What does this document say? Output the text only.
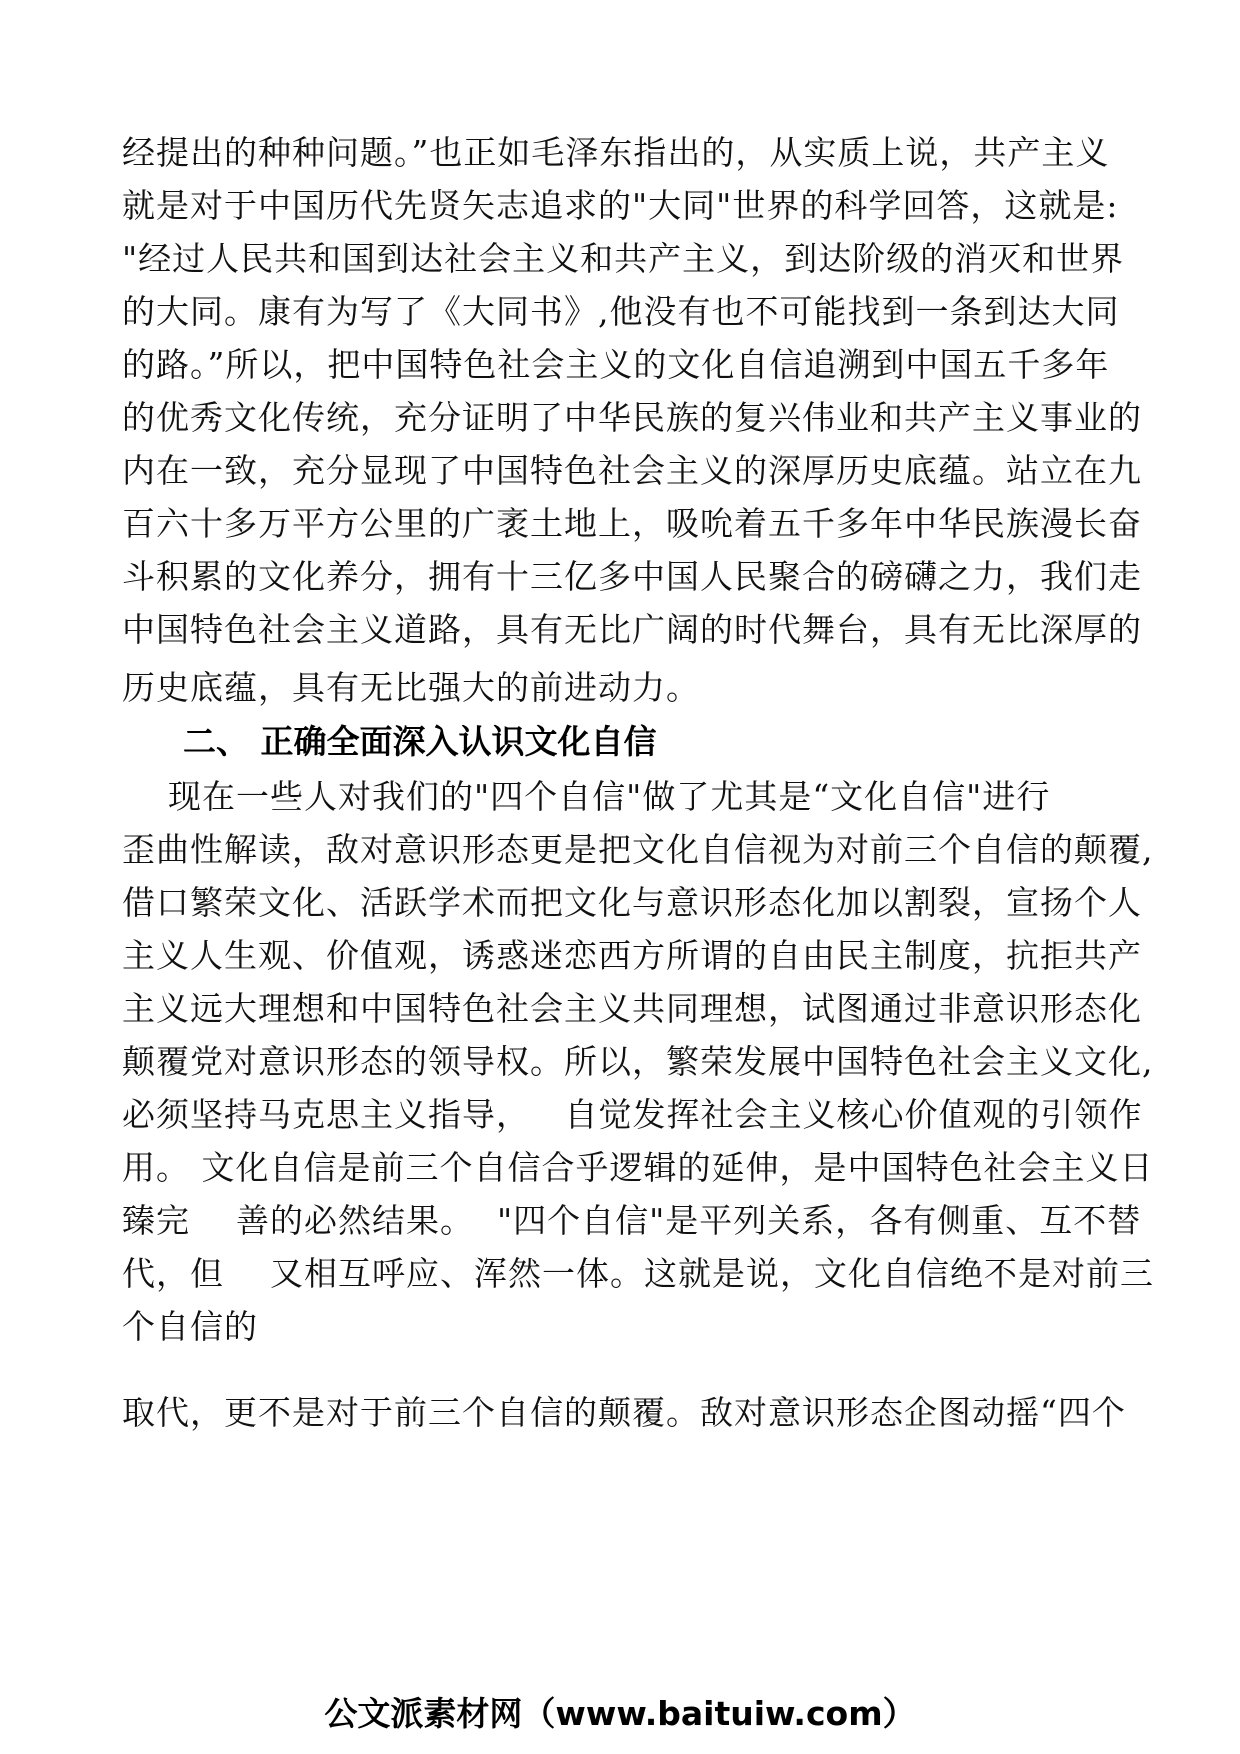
经提出的种种问题。”也正如毛泽东指出的，从实质上说，共产主义
就是对于中国历代先贤矢志追求的"大同"世界的科学回答，这就是:
"经过人民共和国到达社会主义和共产主义，到达阶级的消灭和世界
的大同。康有为写了《大同书》,他没有也不可能找到一条到达大同
的路。”所以，把中国特色社会主义的文化自信追溯到中国五千多年
的优秀文化传统，充分证明了中华民族的复兴伟业和共产主义事业的
内在一致，充分显现了中国特色社会主义的深厚历史底蕴。站立在九
百六十多万平方公里的广袤土地上，吸吮着五千多年中华民族漫长奋
斗积累的文化养分，拥有十三亿多中国人民聚合的磅礴之力，我们走
中国特色社会主义道路，具有无比广阔的时代舞台，具有无比深厚的
历史底蕴，具有无比强大的前进动力。
二、 正确全面深入认识文化自信
现在一些人对我们的"四个自信"做了尤其是“文化自信"进行
歪曲性解读，敌对意识形态更是把文化自信视为对前三个自信的颠覆,
借口繁荣文化、活跃学术而把文化与意识形态化加以割裂，宣扬个人
主义人生观、价值观，诱惑迷恋西方所谓的自由民主制度，抗拒共产
主义远大理想和中国特色社会主义共同理想，试图通过非意识形态化
颠覆党对意识形态的领导权。所以，繁荣发展中国特色社会主义文化,
必须坚持马克思主义指导，   自觉发挥社会主义核心价值观的引领作
用。 文化自信是前三个自信合乎逻辑的延伸，是中国特色社会主义日
臻完    善的必然结果。  "四个自信"是平列关系，各有侧重、互不替
代，但    又相互呼应、浑然一体。这就是说，文化自信绝不是对前三
个自信的
取代，更不是对于前三个自信的颠覆。敌对意识形态企图动摇“四个
公文派素材网（www.baituiw.com）
